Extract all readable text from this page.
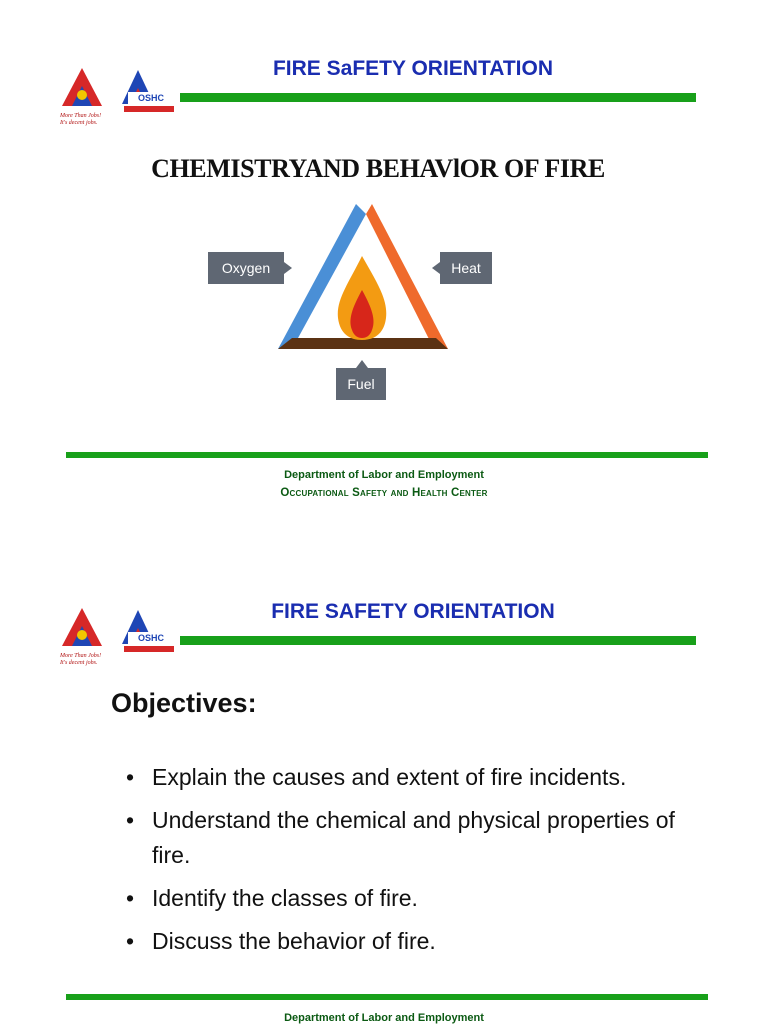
OSHC
More Than Jobs!
It's decent jobs.
FIRE SaFETY ORIENTATION
CHEMISTRYAND BEHAVlOR OF FIRE
Oxygen	Heat
Fuel
Department of Labor and Employment
Occupational Safety and Health Center
OSHC
More Than Jobs!
It's decent jobs.
FIRE SAFETY ORIENTATION
Objectives:
• Explain the causes and extent of fire incidents.
• Understand the chemical and physical properties of fire.
• Identify the classes of fire.
• Discuss the behavior of fire.
Department of Labor and Employment
